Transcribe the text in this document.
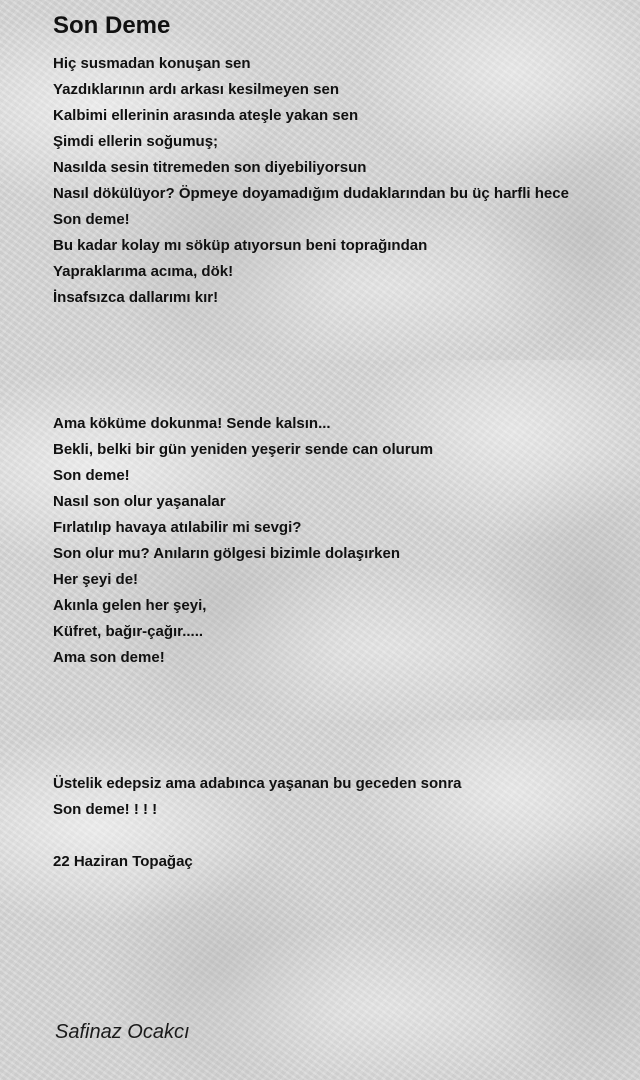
Son Deme
Hiç susmadan konuşan sen
Yazdıklarının ardı arkası kesilmeyen sen
Kalbimi ellerinin arasında ateşle yakan sen
Şimdi ellerin soğumuş;
Nasılda sesin titremeden son diyebiliyorsun
Nasıl dökülüyor? Öpmeye doyamadığım dudaklarından bu üç harfli hece
Son deme!
Bu kadar kolay mı söküp atıyorsun beni toprağından
Yapraklarıma acıma, dök!
İnsafsızca dallarımı kır!
Ama köküme dokunma! Sende kalsın...
Bekli, belki bir gün yeniden yeşerir sende can olurum
Son deme!
Nasıl son olur yaşanalar
Fırlatılıp havaya atılabilir mi sevgi?
Son olur mu? Anıların gölgesi bizimle dolaşırken
Her şeyi de!
Akınla gelen her şeyi,
Küfret, bağır-çağır.....
Ama son deme!
Üstelik edepsiz ama adabınca yaşanan bu geceden sonra
Son deme! ! ! !

22 Haziran Topağaç

Safinaz Ocakcı
